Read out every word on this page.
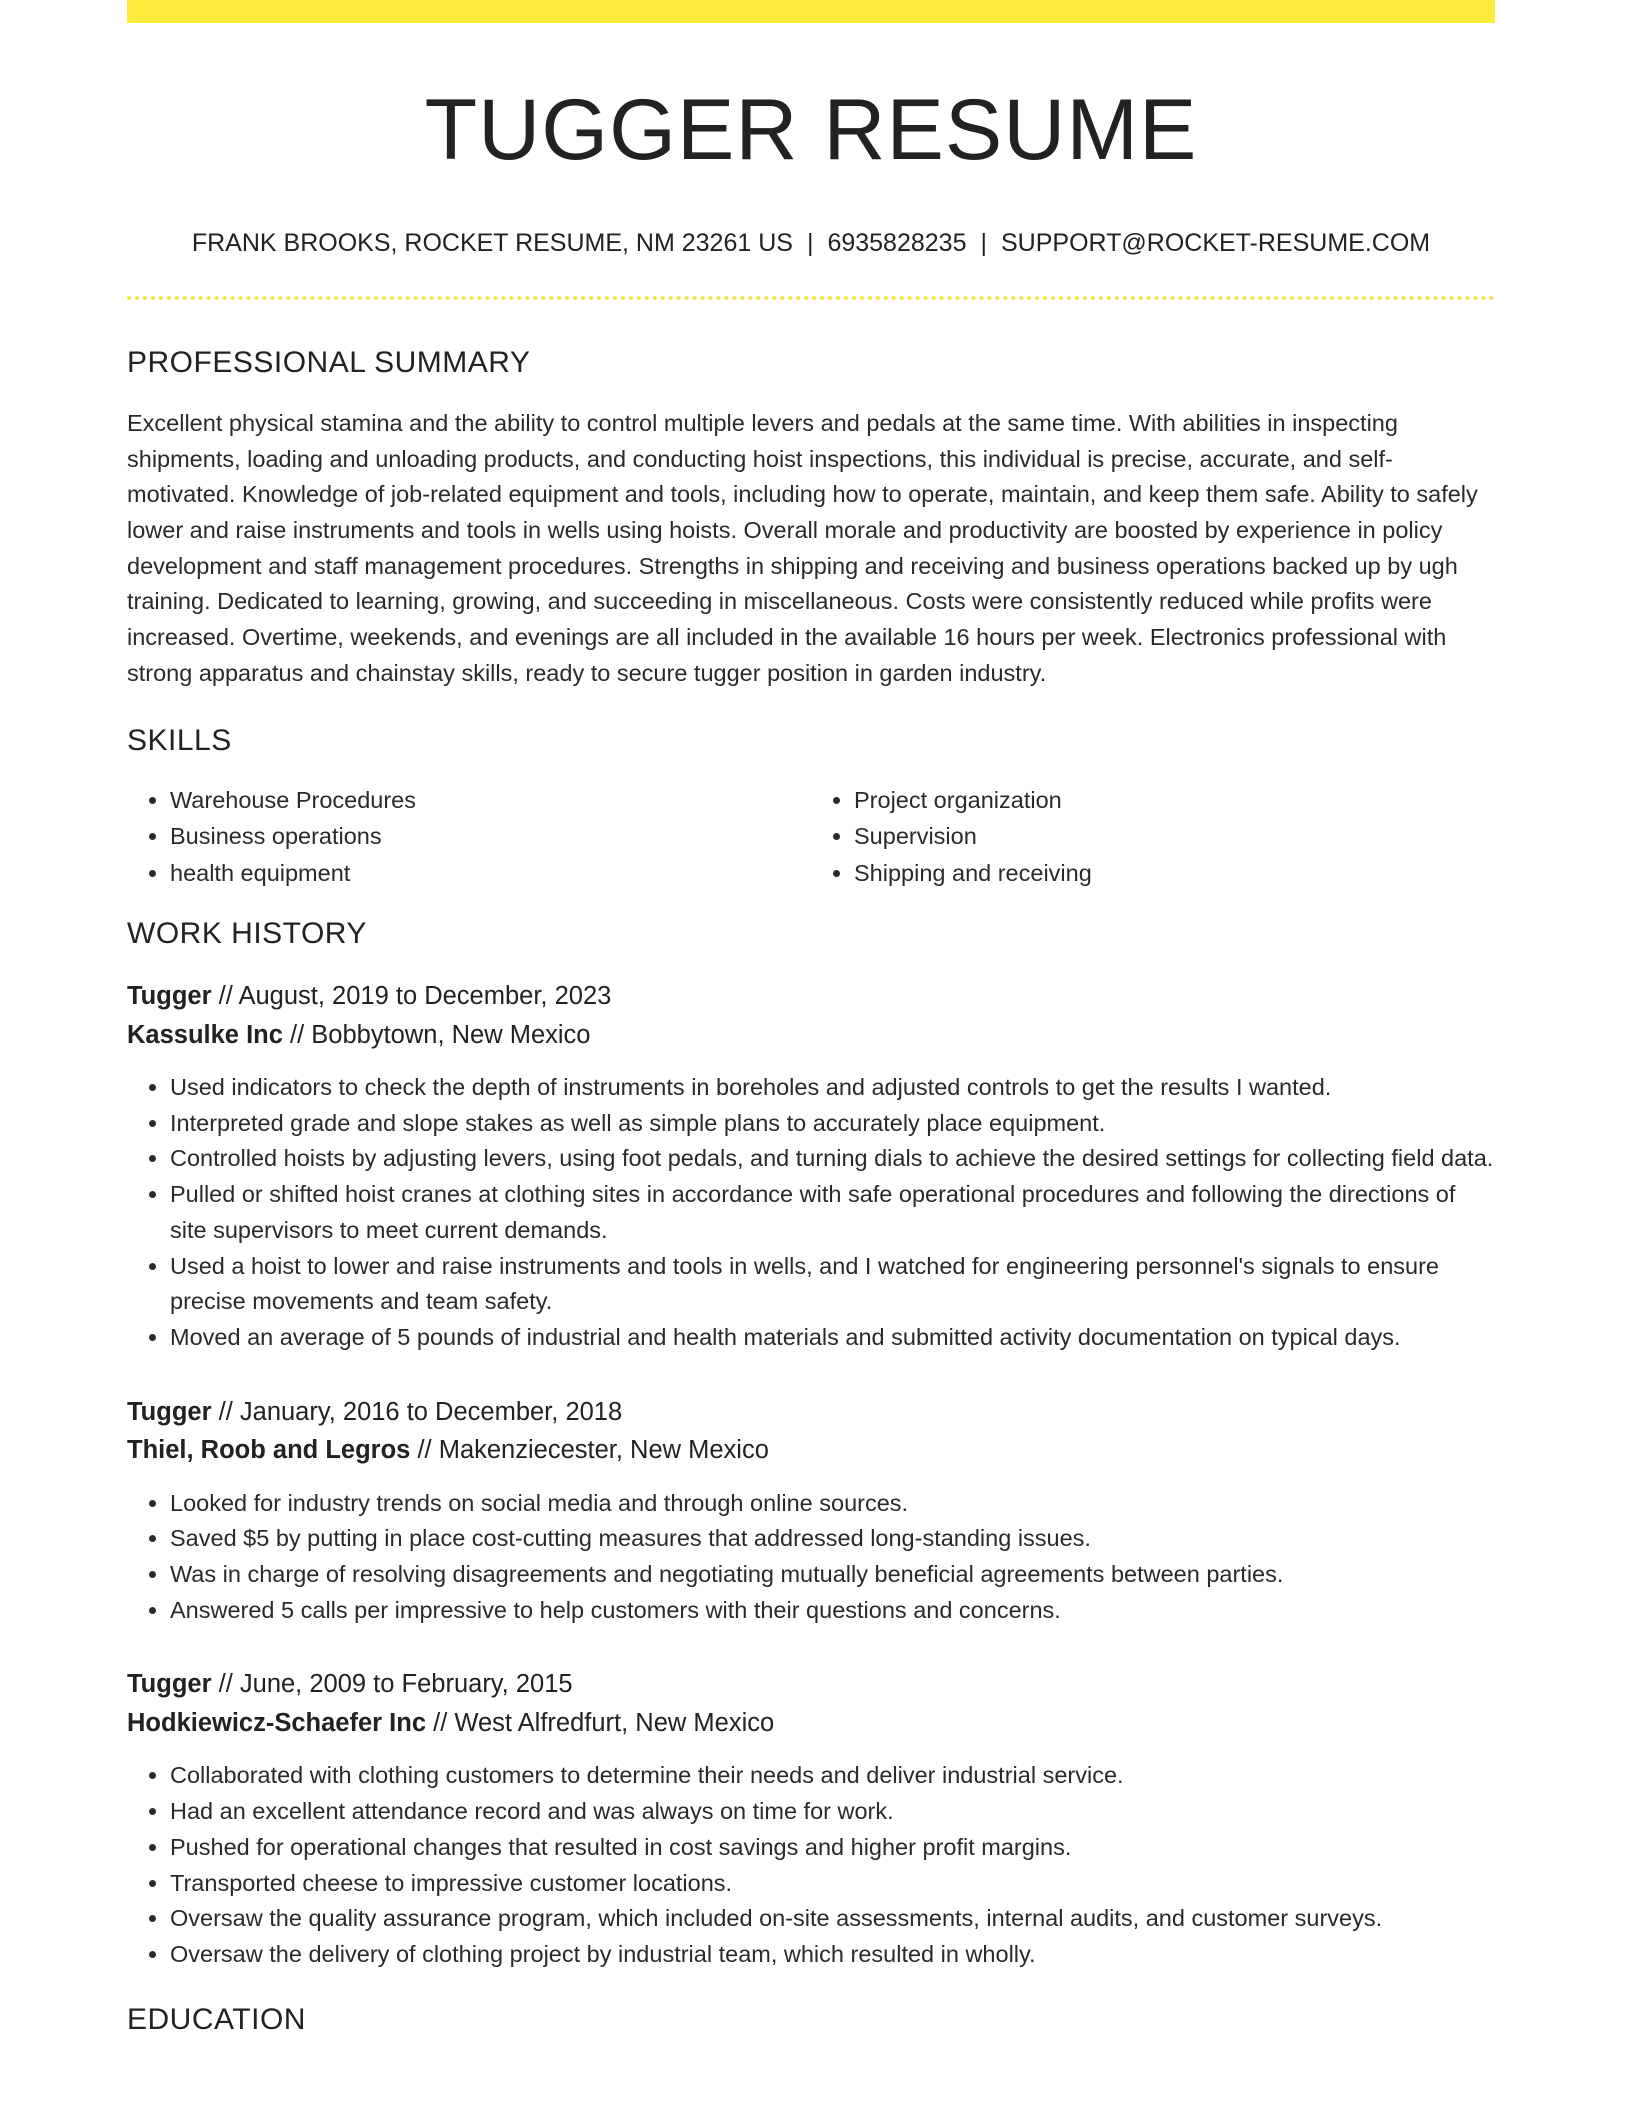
TUGGER RESUME
FRANK BROOKS, ROCKET RESUME, NM 23261 US | 6935828235 | SUPPORT@ROCKET-RESUME.COM
PROFESSIONAL SUMMARY

Excellent physical stamina and the ability to control multiple levers and pedals at the same time. With abilities in inspecting shipments, loading and unloading products, and conducting hoist inspections, this individual is precise, accurate, and self-motivated. Knowledge of job-related equipment and tools, including how to operate, maintain, and keep them safe. Ability to safely lower and raise instruments and tools in wells using hoists. Overall morale and productivity are boosted by experience in policy development and staff management procedures. Strengths in shipping and receiving and business operations backed up by ugh training. Dedicated to learning, growing, and succeeding in miscellaneous. Costs were consistently reduced while profits were increased. Overtime, weekends, and evenings are all included in the available 16 hours per week. Electronics professional with strong apparatus and chainstay skills, ready to secure tugger position in garden industry.

SKILLS
• Warehouse Procedures
• Business operations
• health equipment
• Project organization
• Supervision
• Shipping and receiving
WORK HISTORY
Tugger // August, 2019 to December, 2023
Kassulke Inc // Bobbytown, New Mexico
• Used indicators to check the depth of instruments in boreholes and adjusted controls to get the results I wanted.
• Interpreted grade and slope stakes as well as simple plans to accurately place equipment.
• Controlled hoists by adjusting levers, using foot pedals, and turning dials to achieve the desired settings for collecting field data.
• Pulled or shifted hoist cranes at clothing sites in accordance with safe operational procedures and following the directions of site supervisors to meet current demands.
• Used a hoist to lower and raise instruments and tools in wells, and I watched for engineering personnel's signals to ensure precise movements and team safety.
• Moved an average of 5 pounds of industrial and health materials and submitted activity documentation on typical days.
Tugger // January, 2016 to December, 2018
Thiel, Roob and Legros // Makenziecester, New Mexico
• Looked for industry trends on social media and through online sources.
• Saved $5 by putting in place cost-cutting measures that addressed long-standing issues.
• Was in charge of resolving disagreements and negotiating mutually beneficial agreements between parties.
• Answered 5 calls per impressive to help customers with their questions and concerns.
Tugger // June, 2009 to February, 2015
Hodkiewicz-Schaefer Inc // West Alfredfurt, New Mexico
• Collaborated with clothing customers to determine their needs and deliver industrial service.
• Had an excellent attendance record and was always on time for work.
• Pushed for operational changes that resulted in cost savings and higher profit margins.
• Transported cheese to impressive customer locations.
• Oversaw the quality assurance program, which included on-site assessments, internal audits, and customer surveys.
• Oversaw the delivery of clothing project by industrial team, which resulted in wholly.
EDUCATION
